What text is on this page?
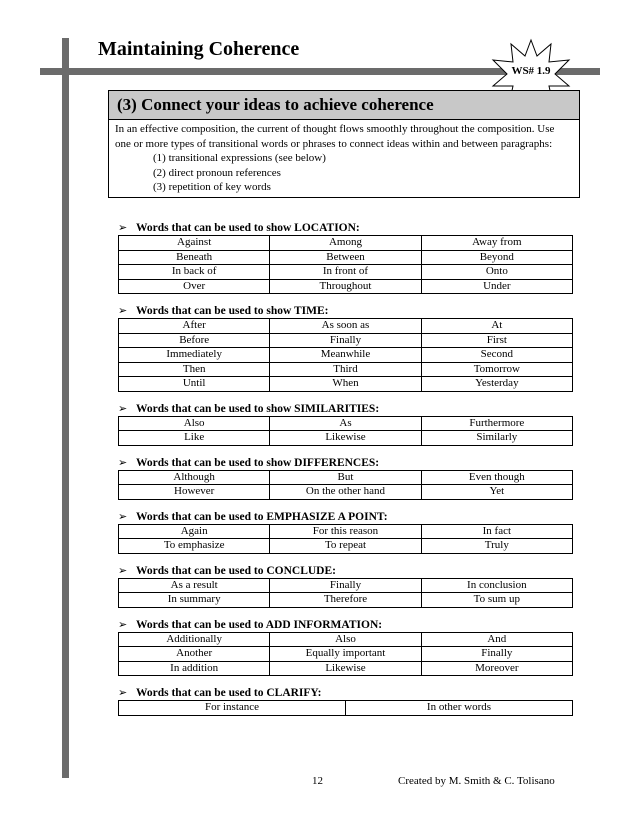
Maintaining Coherence
WS# 1.9
(3) Connect your ideas to achieve coherence

In an effective composition, the current of thought flows smoothly throughout the composition. Use one or more types of transitional words or phrases to connect ideas within and between paragraphs:

(1) transitional expressions (see below)

(2) direct pronoun references

(3) repetition of key words

➢ Words that can be used to show LOCATION:
Against	Among	Away from
Beneath	Between	Beyond
In back of	In front of	Onto
Over	Throughout	Under
➢ Words that can be used to show TIME:
After	As soon as	At
Before	Finally	First
Immediately	Meanwhile	Second
Then	Third	Tomorrow
Until	When	Yesterday
➢ Words that can be used to show SIMILARITIES:
Also	As	Furthermore
Like	Likewise	Similarly
➢ Words that can be used to show DIFFERENCES:
Although	But	Even though
However	On the other hand	Yet
➢ Words that can be used to EMPHASIZE A POINT:
Again	For this reason	In fact
To emphasize	To repeat	Truly
➢ Words that can be used to CONCLUDE:
As a result	Finally	In conclusion
In summary	Therefore	To sum up
➢ Words that can be used to ADD INFORMATION:
Additionally	Also	And
Another	Equally important	Finally
In addition	Likewise	Moreover
➢ Words that can be used to CLARIFY:
For instance	In other words
12	Created by M. Smith & C. Tolisano
